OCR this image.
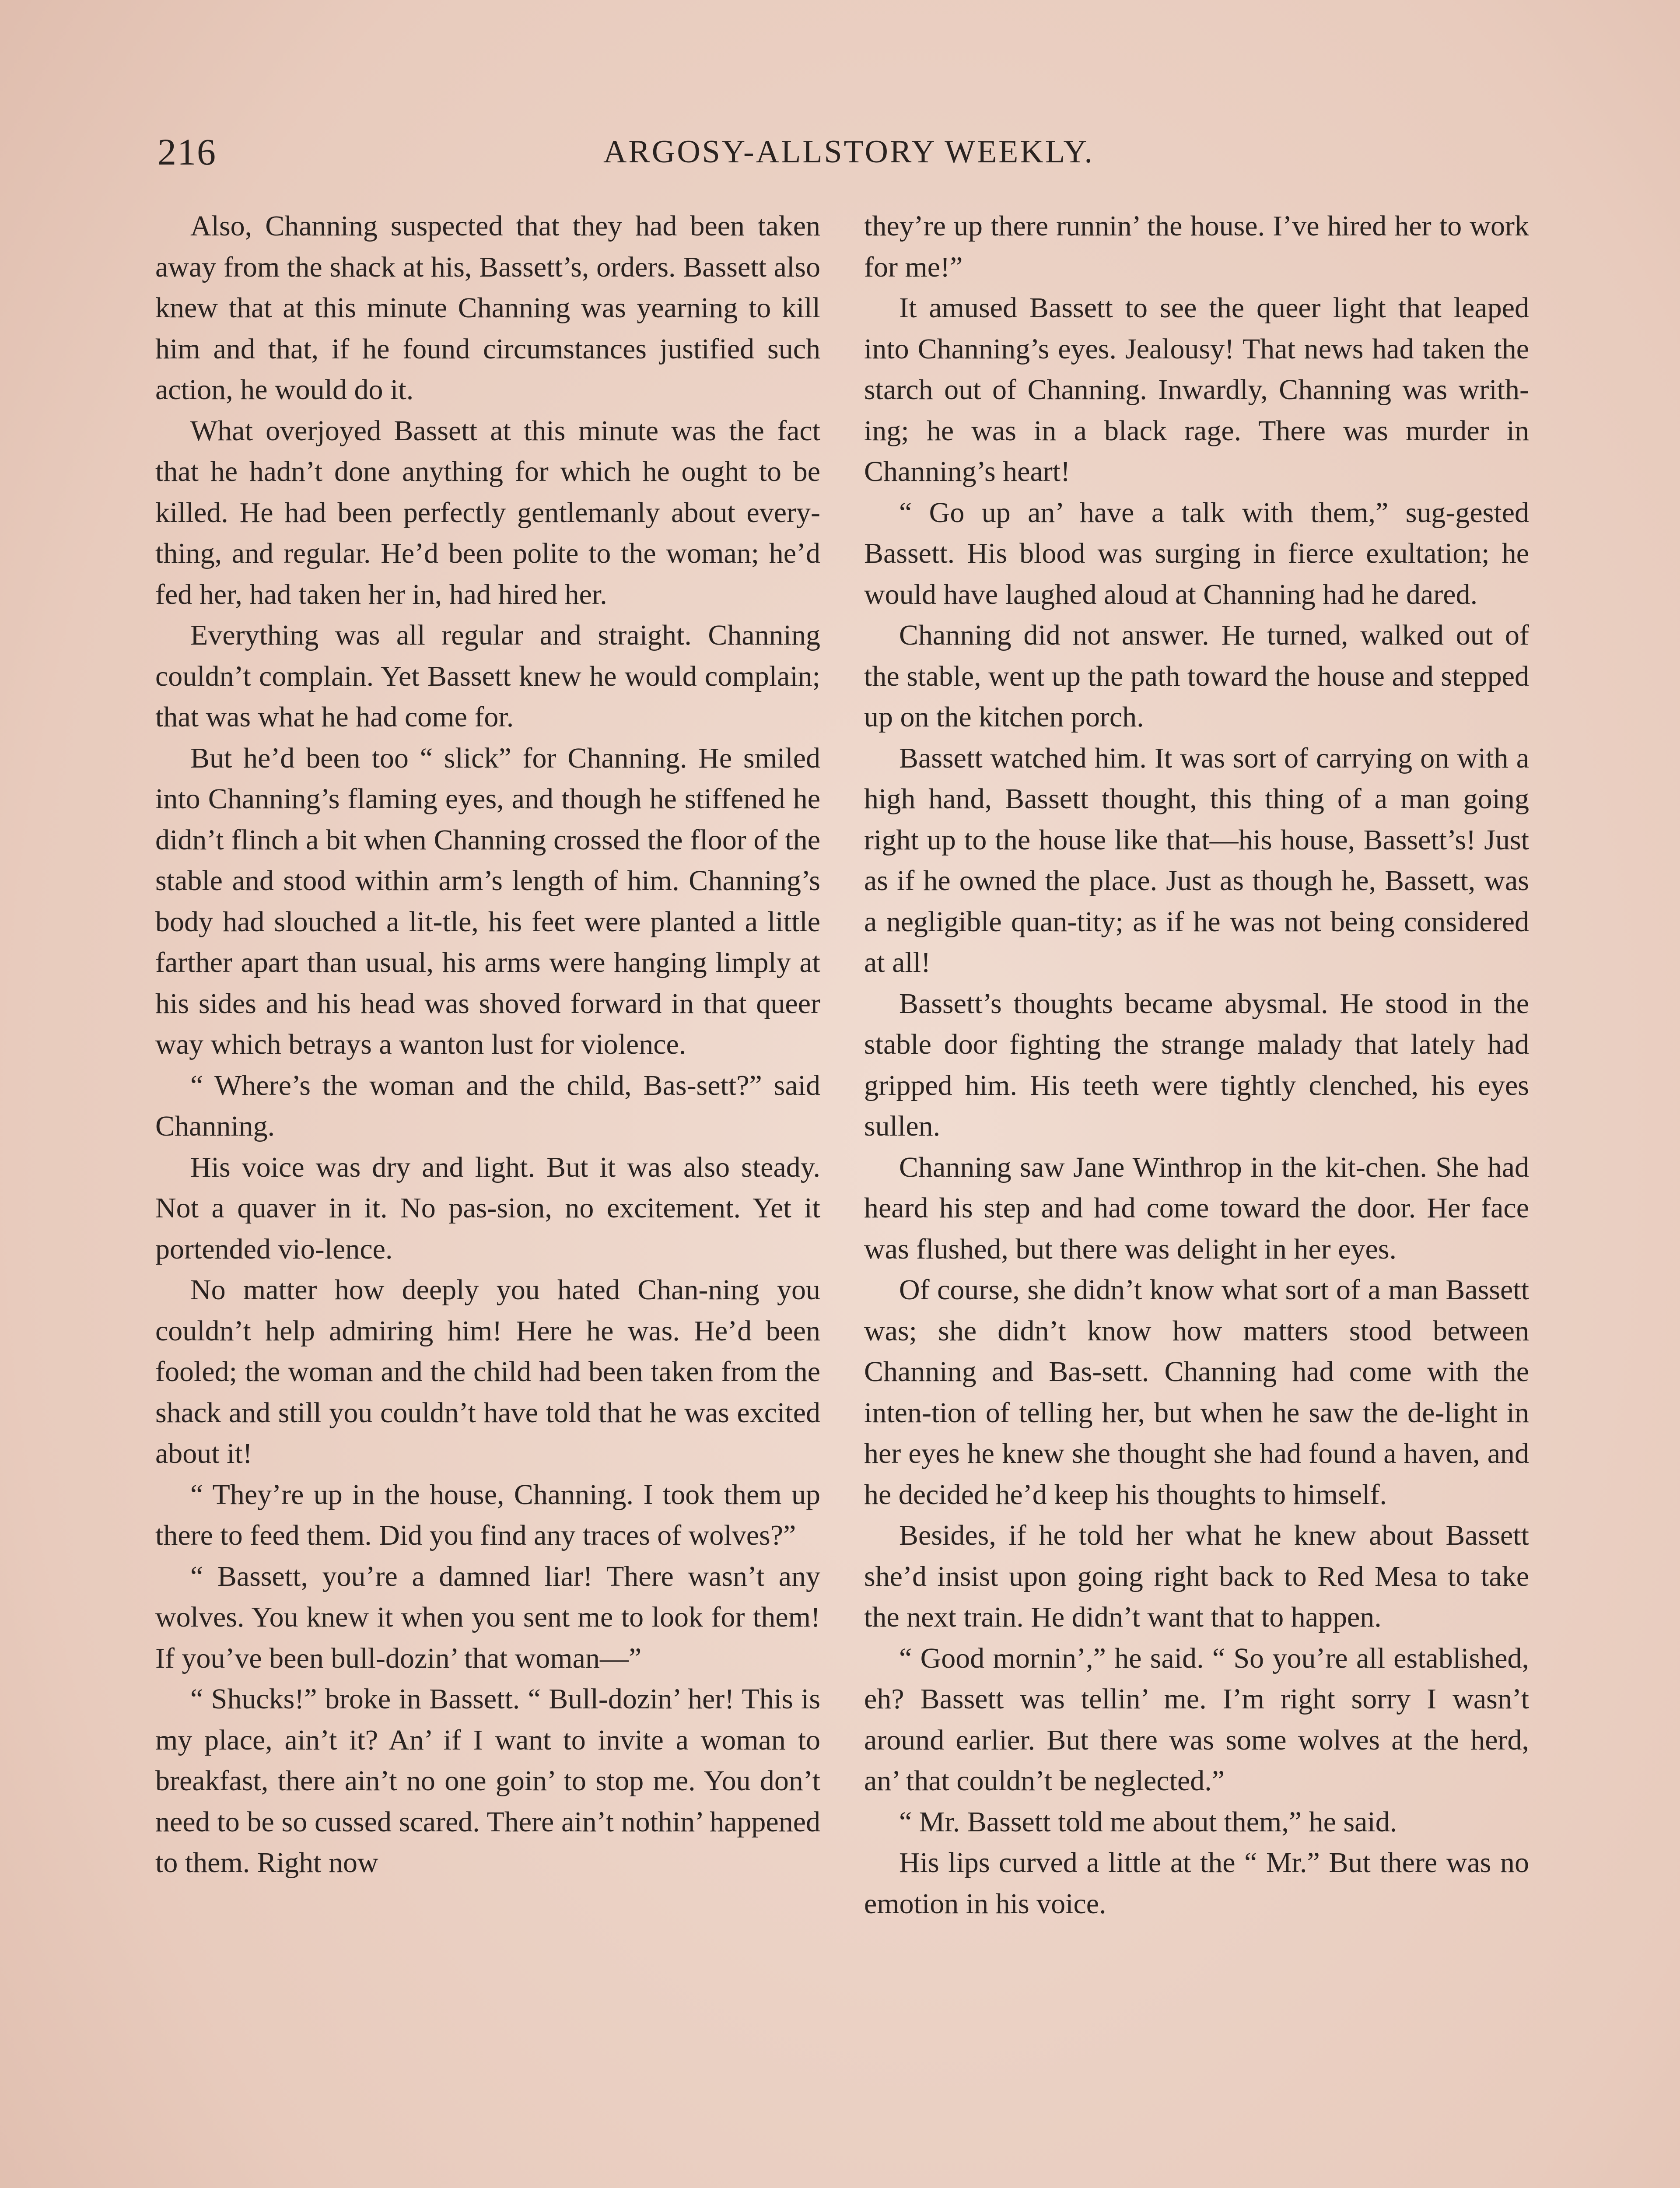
216	ARGOSY-ALLSTORY WEEKLY.

Also, Channing suspected that they had been taken away from the shack at his, Bassett’s, orders. Bassett also knew that at this minute Channing was yearning to kill him and that, if he found circumstances justified such action, he would do it.

What overjoyed Bassett at this minute was the fact that he hadn’t done anything for which he ought to be killed. He had been perfectly gentlemanly about every-thing, and regular. He’d been polite to the woman; he’d fed her, had taken her in, had hired her.

Everything was all regular and straight. Channing couldn’t complain. Yet Bassett knew he would complain; that was what he had come for.

But he’d been too “ slick” for Channing. He smiled into Channing’s flaming eyes, and though he stiffened he didn’t flinch a bit when Channing crossed the floor of the stable and stood within arm’s length of him. Channing’s body had slouched a lit-tle, his feet were planted a little farther apart than usual, his arms were hanging limply at his sides and his head was shoved forward in that queer way which betrays a wanton lust for violence.

“ Where’s the woman and the child, Bas-sett?” said Channing.

His voice was dry and light. But it was also steady. Not a quaver in it. No pas-sion, no excitement. Yet it portended vio-lence.

No matter how deeply you hated Chan-ning you couldn’t help admiring him! Here he was. He’d been fooled; the woman and the child had been taken from the shack and still you couldn’t have told that he was excited about it!

“ They’re up in the house, Channing. I took them up there to feed them. Did you find any traces of wolves?”

“ Bassett, you’re a damned liar! There wasn’t any wolves. You knew it when you sent me to look for them! If you’ve been bull-dozin’ that woman—”

“ Shucks!” broke in Bassett. “ Bull-dozin’ her! This is my place, ain’t it? An’ if I want to invite a woman to breakfast, there ain’t no one goin’ to stop me. You don’t need to be so cussed scared. There ain’t nothin’ happened to them. Right now

they’re up there runnin’ the house. I’ve hired her to work for me!”

It amused Bassett to see the queer light that leaped into Channing’s eyes. Jealousy! That news had taken the starch out of Channing. Inwardly, Channing was writh-ing; he was in a black rage. There was murder in Channing’s heart!

“ Go up an’ have a talk with them,” sug-gested Bassett. His blood was surging in fierce exultation; he would have laughed aloud at Channing had he dared.

Channing did not answer. He turned, walked out of the stable, went up the path toward the house and stepped up on the kitchen porch.

Bassett watched him. It was sort of carrying on with a high hand, Bassett thought, this thing of a man going right up to the house like that—his house, Bassett’s! Just as if he owned the place. Just as though he, Bassett, was a negligible quan-tity; as if he was not being considered at all!

Bassett’s thoughts became abysmal. He stood in the stable door fighting the strange malady that lately had gripped him. His teeth were tightly clenched, his eyes sullen.

Channing saw Jane Winthrop in the kit-chen. She had heard his step and had come toward the door. Her face was flushed, but there was delight in her eyes.

Of course, she didn’t know what sort of a man Bassett was; she didn’t know how matters stood between Channing and Bas-sett. Channing had come with the inten-tion of telling her, but when he saw the de-light in her eyes he knew she thought she had found a haven, and he decided he’d keep his thoughts to himself.

Besides, if he told her what he knew about Bassett she’d insist upon going right back to Red Mesa to take the next train. He didn’t want that to happen.

“ Good mornin’,” he said. “ So you’re all established, eh? Bassett was tellin’ me. I’m right sorry I wasn’t around earlier. But there was some wolves at the herd, an’ that couldn’t be neglected.”

“ Mr. Bassett told me about them,” he said.

His lips curved a little at the “ Mr.” But there was no emotion in his voice.
